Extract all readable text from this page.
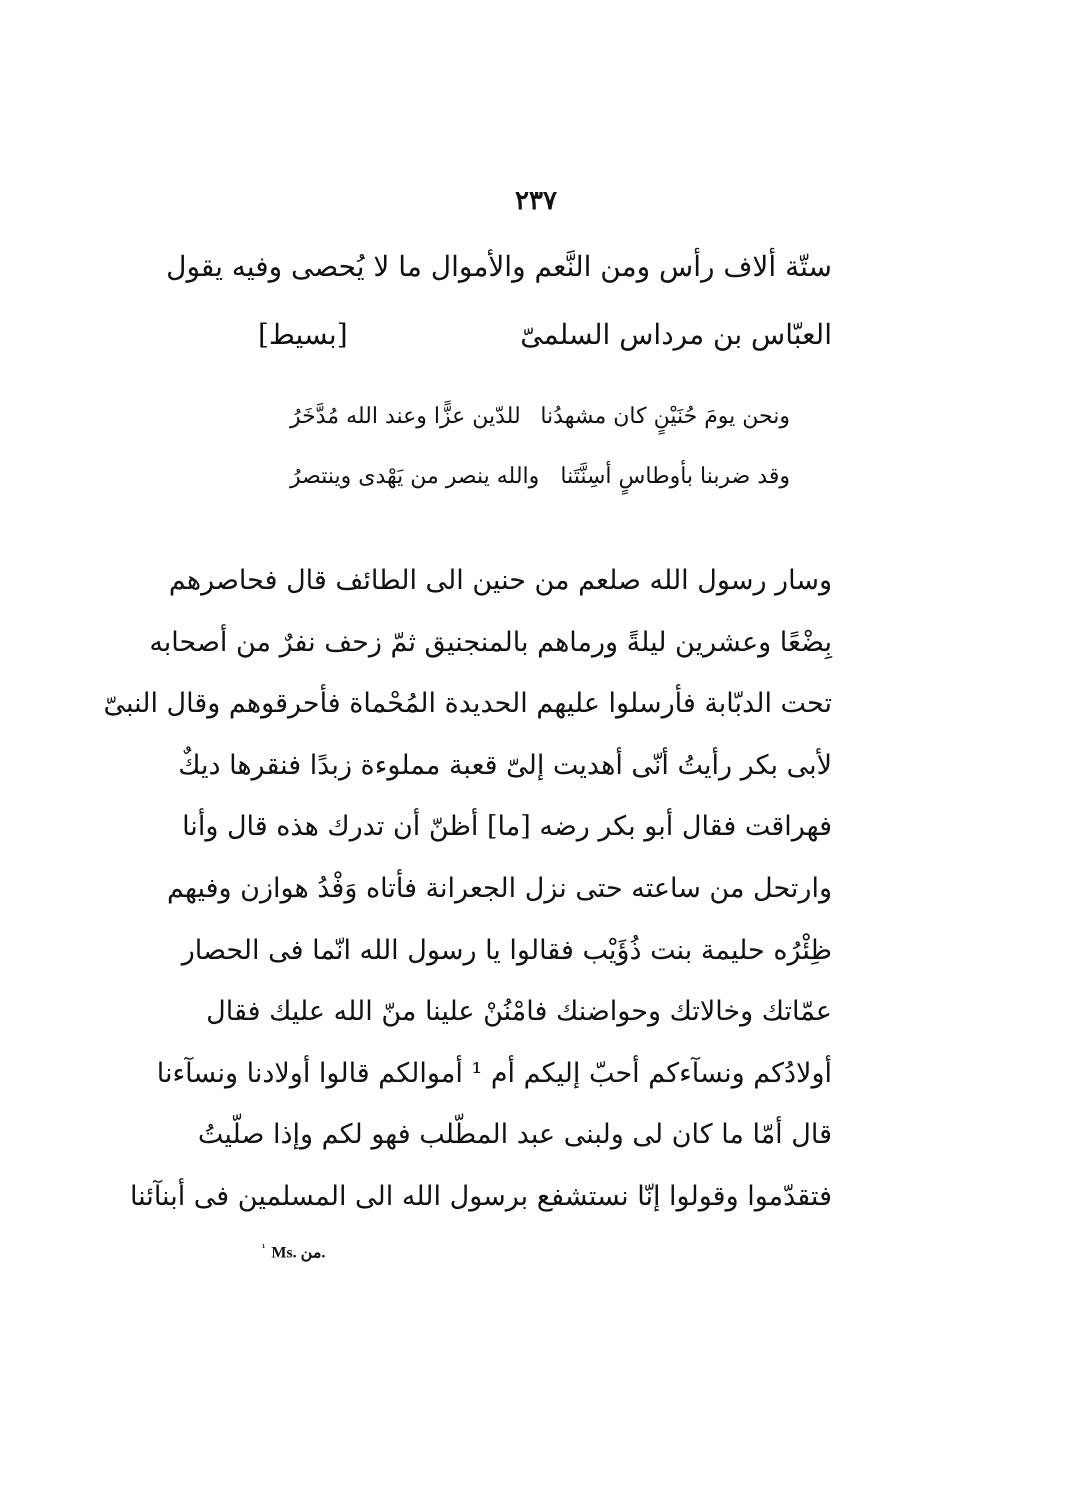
٢٣٧
ستّة ألاف رأس ومن النَّعم والأموال ما لا يُحصى وفيه يقول
العبّاس بن مرداس السلمىّ
[بسيط]
ونحن يومَ حُنَيْنٍ كان مشهدُنا
للدّين عزًّا وعند الله مُدَّخَرُ
وقد ضربنا بأوطاسٍ أسِنَّتَنا
والله ينصر من يَهْدى وينتصرُ
وسار رسول الله صلعم من حنين الى الطائف قال فحاصرهم
بِضْعًا وعشرين ليلةً ورماهم بالمنجنيق ثمّ زحف نفرٌ من أصحابه
تحت الدبّابة فأرسلوا عليهم الحديدة المُحْماة فأحرقوهم وقال النبىّ
لأبى بكر رأيتُ أنّى أهديت إلىّ قعبة مملوءة زبدًا فنقرها ديكٌ
فهراقت فقال أبو بكر رضه [ما] أظنّ أن تدرك هذه قال وأنا
وارتحل من ساعته حتى نزل الجعرانة فأتاه وَفْدُ هوازن وفيهم
ظِئْرُه حليمة بنت ذُؤَيْب فقالوا يا رسول الله انّما فى الحصار
عمّاتك وخالاتك وحواضنك فامْنُنْ علينا منّ الله عليك فقال
أولادُكم ونسآءكم أحبّ إليكم أم ¹ أموالكم قالوا أولادنا ونسآءنا
قال أمّا ما كان لى ولبنى عبد المطّلب فهو لكم وإذا صلّيتُ
فتقدّموا وقولوا إنّا نستشفع برسول الله الى المسلمين فى أبنآئنا
$^{^1}$ Ms. من.
